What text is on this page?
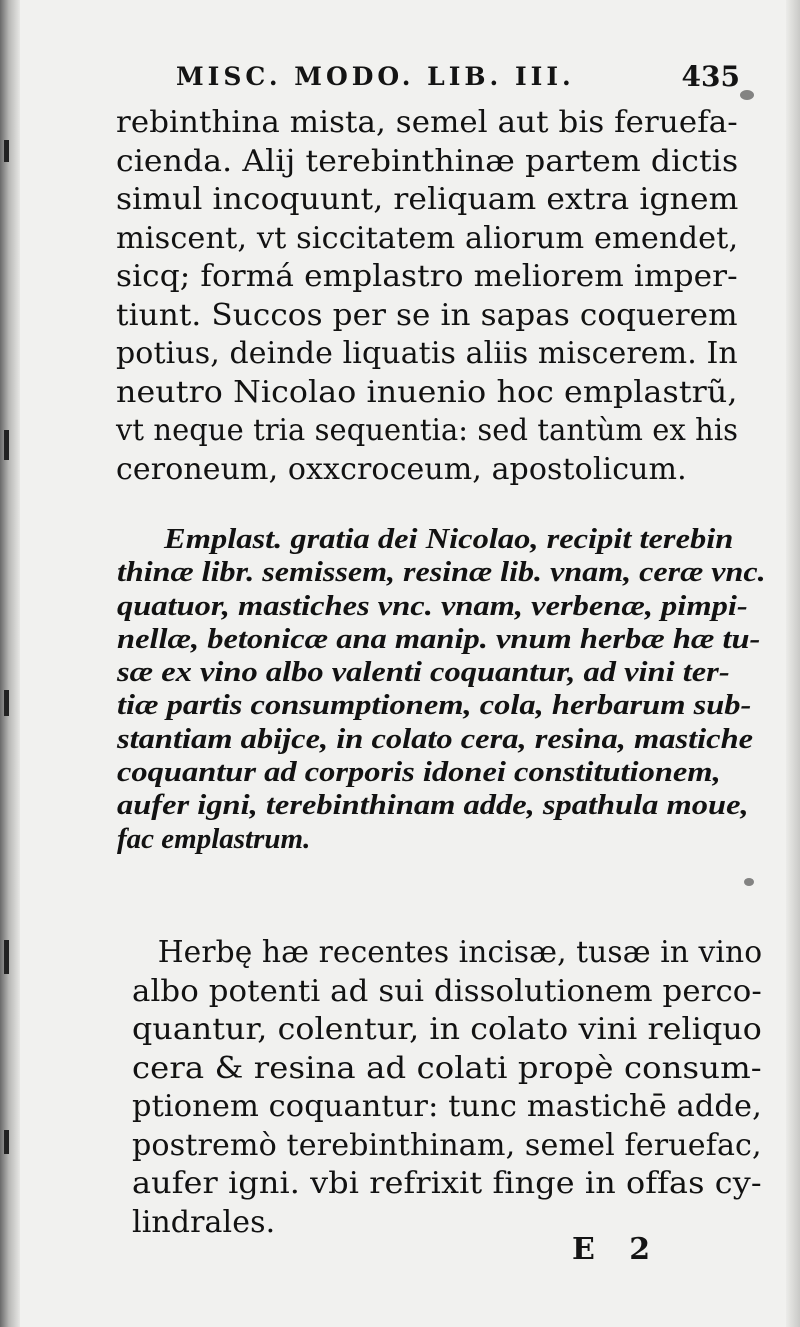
MISC. MODO. LIB. III.	435
rebinthina mista, semel aut bis feruefa-
cienda. Alij terebinthinæ partem dictis
simul incoquunt, reliquam extra ignem
miscent, vt siccitatem aliorum emendet,
sicq; formá emplastro meliorem imper-
tiunt. Succos per se in sapas coquerem
potius, deinde liquatis aliis miscerem. In
neutro Nicolao inuenio hoc emplastrũ,
vt neque tria sequentia: sed tantùm ex his
ceroneum, oxxcroceum, apostolicum.
Emplast. gratia dei Nicolao, recipit terebin
thinæ libr. semissem, resinæ lib. vnam, ceræ vnc.
quatuor, mastiches vnc. vnam, verbenæ, pimpi-
nellæ, betonicæ ana manip. vnum herbæ hæ tu-
sæ ex vino albo valenti coquantur, ad vini ter-
tiæ partis consumptionem, cola, herbarum sub-
stantiam abijce, in colato cera, resina, mastiche
coquantur ad corporis idonei constitutionem,
aufer igni, terebinthinam adde, spathula moue,
fac emplastrum.
Herbę hæ recentes incisæ, tusæ in vino
albo potenti ad sui dissolutionem perco-
quantur, colentur, in colato vini reliquo
cera & resina ad colati propè consum-
ptionem coquantur: tunc mastichē adde,
postremò terebinthinam, semel feruefac,
aufer igni. vbi refrixit finge in offas cy-
lindrales.
E 2
